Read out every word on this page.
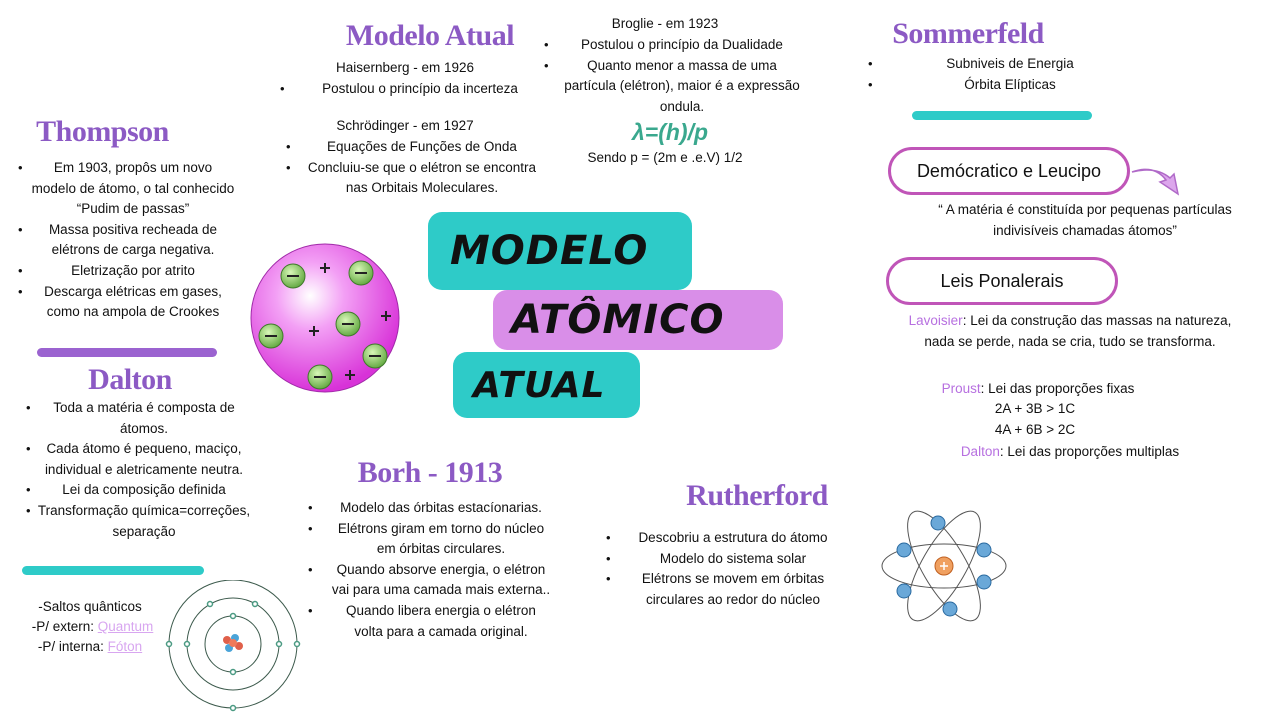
Modelo Atual
Haisernberg - em 1926
•	Postulou o princípio da incerteza
Schrödinger - em 1927
•	Equações de Funções de Onda
• Concluiu-se que o elétron se encontra nas Orbitais Moleculares.
Broglie - em 1923
• Postulou o princípio da Dualidade
•	Quanto menor a massa de uma partícula (elétron), maior é a expressão ondula.
λ=(h)/p
Sendo p = (2m e .e.V) 1/2
Sommerfeld
•	Subniveis de Energia
•	Órbita Elípticas
Demócratico e Leucipo
“ A matéria é constituída por pequenas partículas indivisíveis chamadas átomos”
Leis Ponalerais
Lavoisier: Lei da construção das massas na natureza, nada se perde, nada se cria, tudo se transforma.
Proust: Lei das proporções fixas
2A + 3B > 1C
4A + 6B > 2C
Dalton: Lei das proporções multiplas
Thompson
• Em 1903, propôs um novo modelo de átomo, o tal conhecido “Pudim de passas”
• Massa positiva recheada de elétrons de carga negativa.
•	Eletrização por atrito
• Descarga elétricas em gases, como na ampola de Crookes
Dalton
• Toda a matéria é composta de átomos.
• Cada átomo é pequeno, maciço, individual e aletricamente neutra.
• Lei da composição definida
• Transformação química=correções, separação
-Saltos quânticos
-P/ extern: Quantum
-P/ interna: Fóton
MODELO
ATÔMICO
ATUAL
Borh - 1913
• Modelo das órbitas estacíonarias.
• Elétrons giram em torno do núcleo em órbitas circulares.
• Quando absorve energia, o elétron vai para uma camada mais externa..
• Quando libera energia o elétron volta para a camada original.
Rutherford
• Descobriu a estrutura do átomo
•	Modelo do sistema solar
• Elétrons se movem em órbitas circulares ao redor do núcleo
